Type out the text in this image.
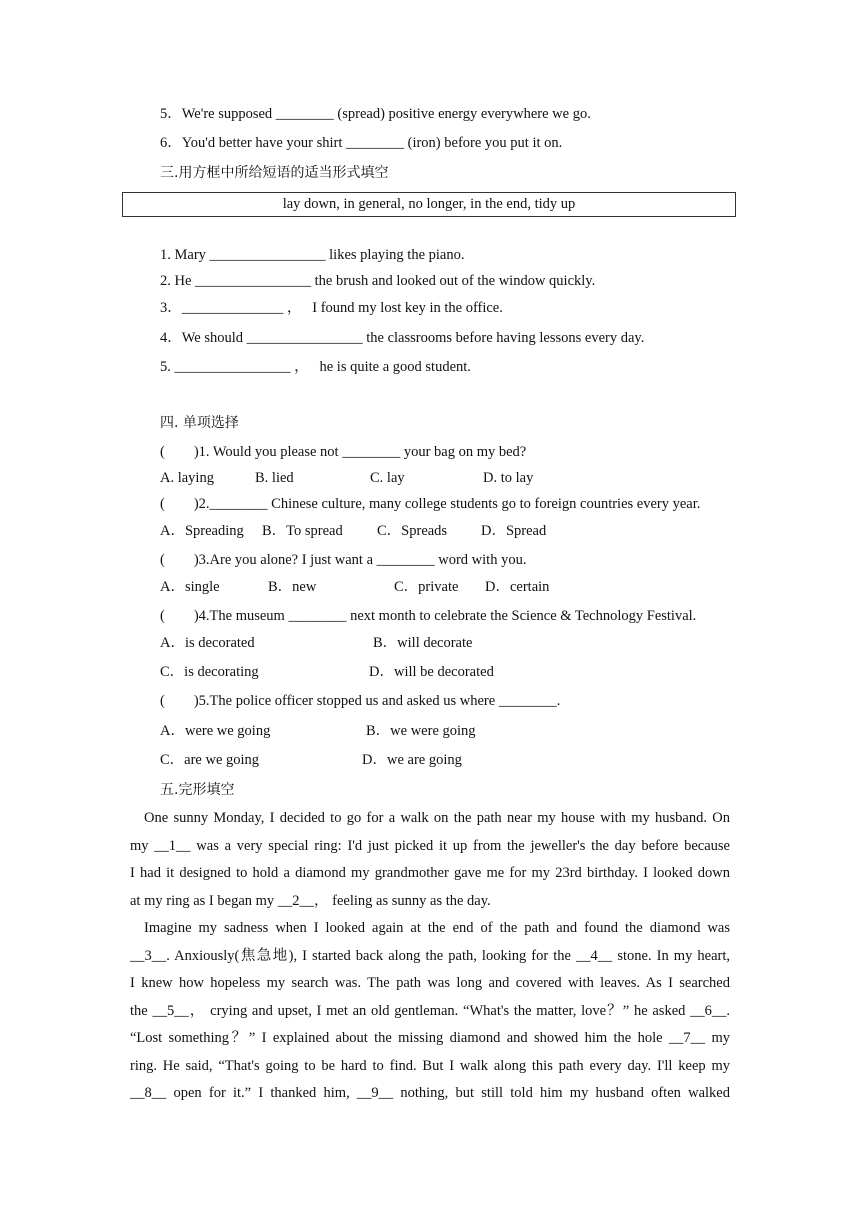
5．We're supposed ________ (spread) positive energy everywhere we go.
6．You'd better have your shirt ________ (iron) before you put it on.
三.用方框中所给短语的适当形式填空
lay down, in general, no longer, in the end, tidy up
1. Mary ________________ likes playing the piano.
2. He ________________ the brush and looked out of the window quickly.
3．______________ ，   I found my lost key in the office.
4．We should ________________ the classrooms before having lessons every day.
5. ________________ ，   he is quite a good student.
四. 单项选择
(        )1. Would you please not ________ your bag on my bed?
A. laying	B. lied	C. lay	D. to lay
(        )2.________ Chinese culture, many college students go to foreign countries every year.
A．Spreading B．To spread C．Spreads D．Spread
(        )3.Are you alone? I just want a ________ word with you.
A．single	B．new	C．private D．certain
(        )4.The museum ________ next month to celebrate the Science & Technology Festival.
A．is decorated	B．will decorate
C．is decorating	D．will be decorated
(        )5.The police officer stopped us and asked us where ________.
A．were we going	B．we were going
C．are we going	D．we are going
五.完形填空
One sunny Monday, I decided to go for a walk on the path near my house with my husband. On
my __1__ was a very special ring: I'd just picked it up from the jeweller's the day before because
I had it designed to hold a diamond my grandmother gave me for my 23rd birthday. I looked down
at my ring as I began my __2__， feeling as sunny as the day.
Imagine my sadness when I looked again at the end of the path and found the diamond was
__3__. Anxiously(焦急地), I started back along the path, looking for the __4__ stone. In my heart,
I knew how hopeless my search was. The path was long and covered with leaves. As I searched
the __5__， crying and upset, I met an old gentleman. “What's the matter, love？” he asked __6__.
“Lost something？” I explained about the missing diamond and showed him the hole __7__ my
ring. He said, “That's going to be hard to find. But I walk along this path every day. I'll keep my
__8__ open for it.” I thanked him, __9__ nothing, but still told him my husband often walked
